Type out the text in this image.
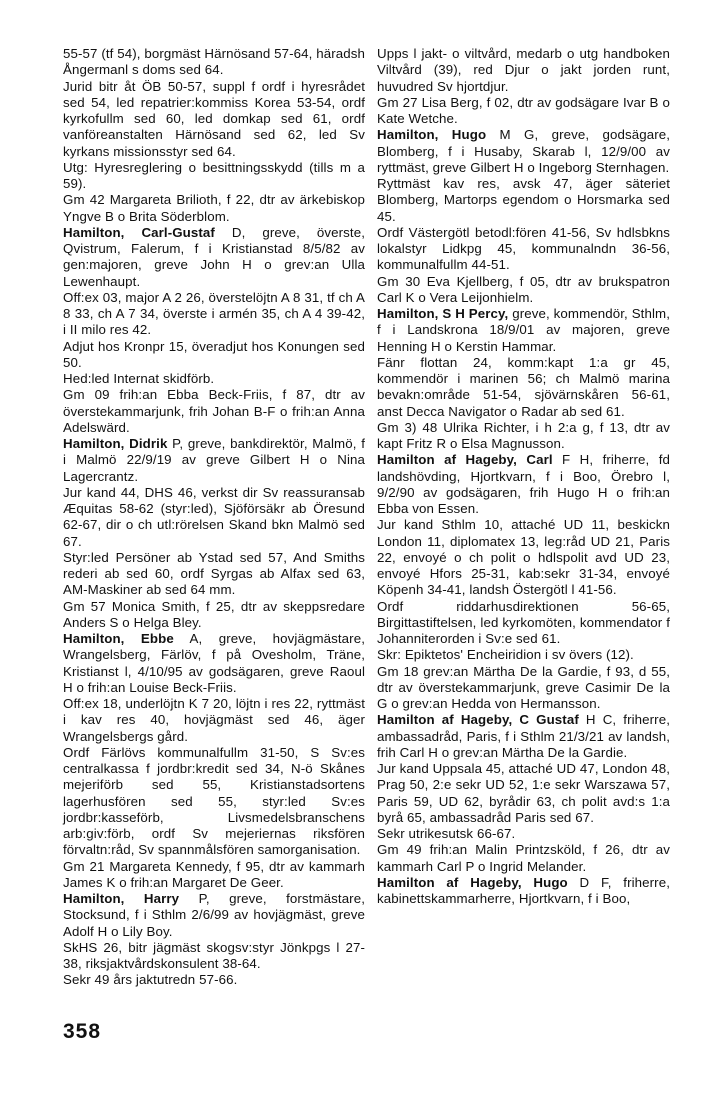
55-57 (tf 54), borgmäst Härnösand 57-64, häradsh Ångermanl s doms sed 64.

Jurid bitr åt ÖB 50-57, suppl f ordf i hyresrådet sed 54, led repatrier:kommiss Korea 53-54, ordf kyrkofullm sed 60, led domkap sed 61, ordf vanföreanstalten Härnösand sed 62, led Sv kyrkans missionsstyr sed 64.

Utg: Hyresreglering o besittningsskydd (tills m a 59).

Gm 42 Margareta Brilioth, f 22, dtr av ärkebiskop Yngve B o Brita Söderblom.

Hamilton, Carl-Gustaf D, greve, överste, Qvistrum, Falerum, f i Kristianstad 8/5/82 av gen:majoren, greve John H o grev:an Ulla Lewenhaupt.

Off:ex 03, major A 2 26, överstelöjtn A 8 31, tf ch A 8 33, ch A 7 34, överste i armén 35, ch A 4 39-42, i II milo res 42.

Adjut hos Kronpr 15, överadjut hos Konungen sed 50.

Hed:led Internat skidförb.

Gm 09 frih:an Ebba Beck-Friis, f 87, dtr av överstekammarjunk, frih Johan B-F o frih:an Anna Adelswärd.

Hamilton, Didrik P, greve, bankdirektör, Malmö, f i Malmö 22/9/19 av greve Gilbert H o Nina Lagercrantz.

Jur kand 44, DHS 46, verkst dir Sv reassuransab Æquitas 58-62 (styr:led), Sjöförsäkr ab Öresund 62-67, dir o ch utl:rörelsen Skand bkn Malmö sed 67.

Styr:led Persöner ab Ystad sed 57, And Smiths rederi ab sed 60, ordf Syrgas ab Alfax sed 63, AM-Maskiner ab sed 64 mm.

Gm 57 Monica Smith, f 25, dtr av skeppsredare Anders S o Helga Bley.

Hamilton, Ebbe A, greve, hovjägmästare, Wrangelsberg, Färlöv, f på Ovesholm, Träne, Kristianst l, 4/10/95 av godsägaren, greve Raoul H o frih:an Louise Beck-Friis.

Off:ex 18, underlöjtn K 7 20, löjtn i res 22, ryttmäst i kav res 40, hovjägmäst sed 46, äger Wrangelsbergs gård.

Ordf Färlövs kommunalfullm 31-50, S Sv:es centralkassa f jordbr:kredit sed 34, N-ö Skånes mejeriförb sed 55, Kristianstadsortens lagerhusfören sed 55, styr:led Sv:es jordbr:kasseförb, Livsmedelsbranschens arb:giv:förb, ordf Sv mejeriernas riksfören förvaltn:råd, Sv spannmålsfören samorganisation.

Gm 21 Margareta Kennedy, f 95, dtr av kammarh James K o frih:an Margaret De Geer.

Hamilton, Harry P, greve, forstmästare, Stocksund, f i Sthlm 2/6/99 av hovjägmäst, greve Adolf H o Lily Boy.

SkHS 26, bitr jägmäst skogsv:styr Jönkpgs l 27-38, riksjaktvårdskonsulent 38-64.

Sekr 49 års jaktutredn 57-66.

Upps l jakt- o viltvård, medarb o utg handboken Viltvård (39), red Djur o jakt jorden runt, huvudred Sv hjortdjur.

Gm 27 Lisa Berg, f 02, dtr av godsägare Ivar B o Kate Wetche.

Hamilton, Hugo M G, greve, godsägare, Blomberg, f i Husaby, Skarab l, 12/9/00 av ryttmäst, greve Gilbert H o Ingeborg Sternhagen.

Ryttmäst kav res, avsk 47, äger säteriet Blomberg, Martorps egendom o Horsmarka sed 45.

Ordf Västergötl betodl:fören 41-56, Sv hdlsbkns lokalstyr Lidkpg 45, kommunalndn 36-56, kommunalfullm 44-51.

Gm 30 Eva Kjellberg, f 05, dtr av brukspatron Carl K o Vera Leijonhielm.

Hamilton, S H Percy, greve, kommendör, Sthlm, f i Landskrona 18/9/01 av majoren, greve Henning H o Kerstin Hammar.

Fänr flottan 24, komm:kapt 1:a gr 45, kommendör i marinen 56; ch Malmö marina bevakn:område 51-54, sjövärnskåren 56-61, anst Decca Navigator o Radar ab sed 61.

Gm 3) 48 Ulrika Richter, i h 2:a g, f 13, dtr av kapt Fritz R o Elsa Magnusson.

Hamilton af Hageby, Carl F H, friherre, fd landshövding, Hjortkvarn, f i Boo, Örebro l, 9/2/90 av godsägaren, frih Hugo H o frih:an Ebba von Essen.

Jur kand Sthlm 10, attaché UD 11, beskickn London 11, diplomatex 13, leg:råd UD 21, Paris 22, envoyé o ch polit o hdlspolit avd UD 23, envoyé Hfors 25-31, kab:sekr 31-34, envoyé Köpenh 34-41, landsh Östergötl l 41-56.

Ordf riddarhusdirektionen 56-65, Birgittastiftelsen, led kyrkomöten, kommendator f Johanniterorden i Sv:e sed 61.

Skr: Epiktetos' Encheiridion i sv övers (12).

Gm 18 grev:an Märtha De la Gardie, f 93, d 55, dtr av överstekammarjunk, greve Casimir De la G o grev:an Hedda von Hermansson.

Hamilton af Hageby, C Gustaf H C, friherre, ambassadråd, Paris, f i Sthlm 21/3/21 av landsh, frih Carl H o grev:an Märtha De la Gardie.

Jur kand Uppsala 45, attaché UD 47, London 48, Prag 50, 2:e sekr UD 52, 1:e sekr Warszawa 57, Paris 59, UD 62, byrådir 63, ch polit avd:s 1:a byrå 65, ambassadråd Paris sed 67.

Sekr utrikesutsk 66-67.

Gm 49 frih:an Malin Printzsköld, f 26, dtr av kammarh Carl P o Ingrid Melander.

Hamilton af Hageby, Hugo D F, friherre, kabinettskammarherre, Hjortkvarn, f i Boo,

358
